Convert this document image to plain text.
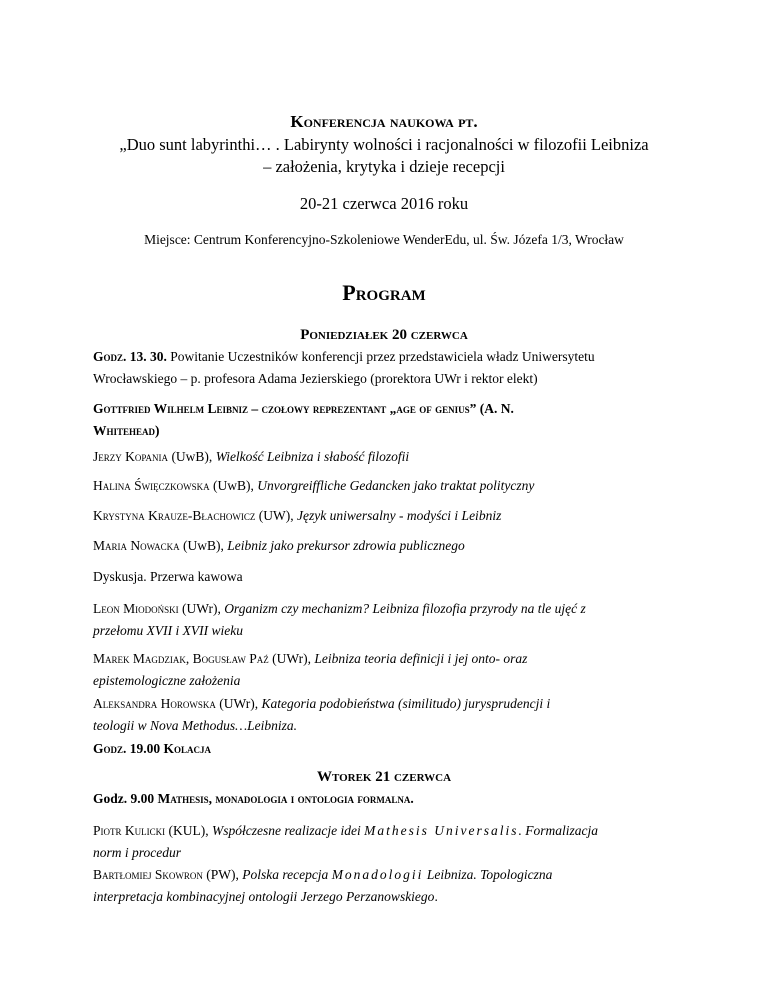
Konferencja naukowa pt.
„Duo sunt labyrinthi… . Labirynty wolności i racjonalności w filozofii Leibniza
– założenia, krytyka i dzieje recepcji
20-21 czerwca 2016 roku
Miejsce: Centrum Konferencyjno-Szkoleniowe WenderEdu, ul. Św. Józefa 1/3, Wrocław
Program
Poniedziałek 20 czerwca
Godz. 13. 30. Powitanie Uczestników konferencji przez przedstawiciela władz Uniwersytetu
Wrocławskiego – p. profesora Adama Jezierskiego (prorektora UWr i rektor elekt)
Gottfried Wilhelm Leibniz – czołowy reprezentant „age of genius” (A. N.
Whitehead)
Jerzy Kopania (UwB), Wielkość Leibniza i słabość filozofii
Halina Święczkowska (UwB), Unvorgreiffliche Gedancken jako traktat polityczny
Krystyna Krauze-Błachowicz (UW), Język uniwersalny - modyści i Leibniz
Maria Nowacka (UwB), Leibniz jako prekursor zdrowia publicznego
Dyskusja. Przerwa kawowa
Leon Miodoński (UWr), Organizm czy mechanizm? Leibniza filozofia przyrody na tle ujęć z
przełomu XVII i XVII wieku
Marek Magdziak, Bogusław Paź (UWr), Leibniza teoria definicji i jej onto- oraz
epistemologiczne założenia
Aleksandra Horowska (UWr), Kategoria podobieństwa (similitudo) jurysprudencji i
teologii w Nova Methodus…Leibniza.
Godz. 19.00 Kolacja
Wtorek 21 czerwca
Godz. 9.00 Mathesis, monadologia i ontologia formalna.
Piotr Kulicki (KUL), Współczesne realizacje idei Mathesis Universalis. Formalizacja
norm i procedur
Bartłomiej Skowron (PW), Polska recepcja Monadologii Leibniza. Topologiczna
interpretacja kombinacyjnej ontologii Jerzego Perzanowskiego.
